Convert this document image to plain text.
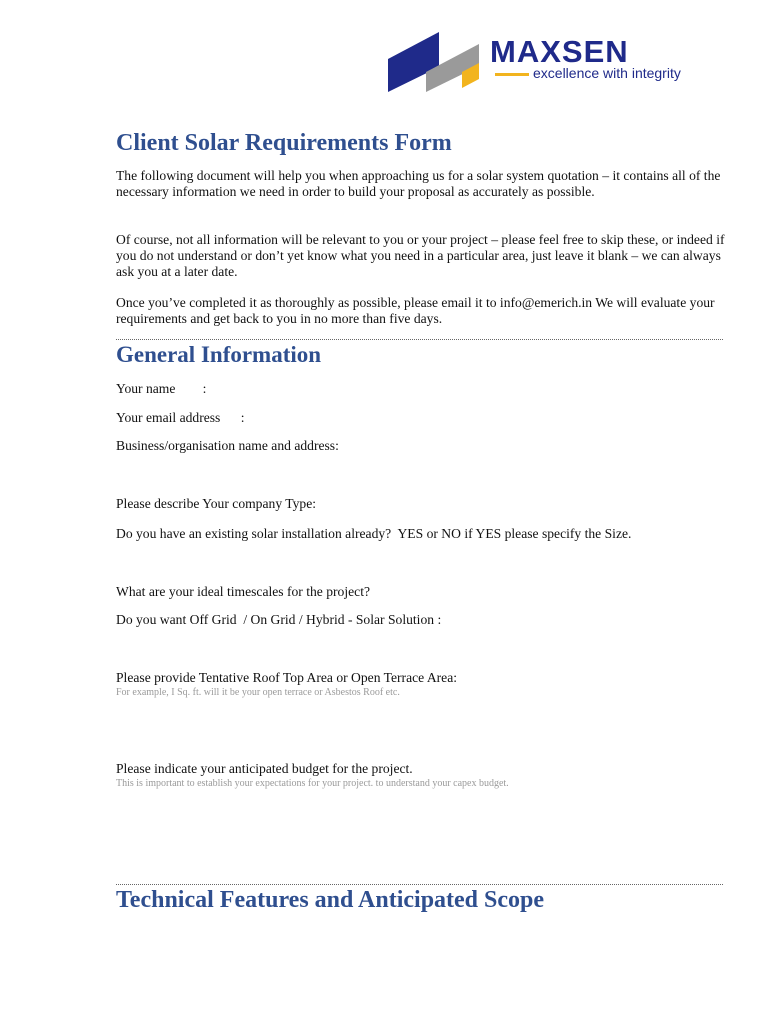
MAXSEN
excellence with integrity
Client Solar Requirements Form

The following document will help you when approaching us for a solar system quotation – it contains all of the necessary information we need in order to build your proposal as accurately as possible.

Of course, not all information will be relevant to you or your project – please feel free to skip these, or indeed if you do not understand or don’t yet know what you need in a particular area, just leave it blank – we can always ask you at a later date.

Once you’ve completed it as thoroughly as possible, please email it to info@emerich.in We will evaluate your requirements and get back to you in no more than five days.

General Information

Your name        :

Your email address      :

Business/organisation name and address:

Please describe Your company Type:

Do you have an existing solar installation already?  YES or NO if YES please specify the Size.

What are your ideal timescales for the project?

Do you want Off Grid  / On Grid / Hybrid - Solar Solution :

Please provide Tentative Roof Top Area or Open Terrace Area:

For example, I Sq. ft. will it be your open terrace or Asbestos Roof etc.

Please indicate your anticipated budget for the project.

This is important to establish your expectations for your project. to understand your capex budget.

Technical Features and Anticipated Scope
